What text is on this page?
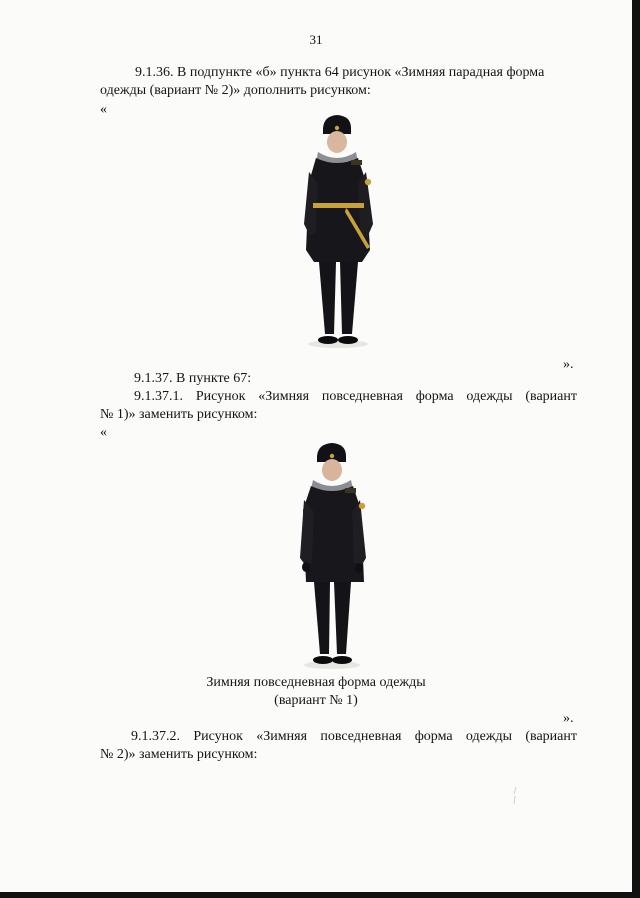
31
9.1.36. В подпункте «б» пункта 64 рисунок «Зимняя парадная форма
одежды (вариант № 2)» дополнить рисунком:
«
».
9.1.37. В пункте 67:
9.1.37.1. Рисунок «Зимняя повседневная форма одежды (вариант
№ 1)» заменить рисунком:
«
Зимняя повседневная форма одежды
(вариант № 1)
».
9.1.37.2. Рисунок «Зимняя повседневная форма одежды (вариант
№ 2)» заменить рисунком:
